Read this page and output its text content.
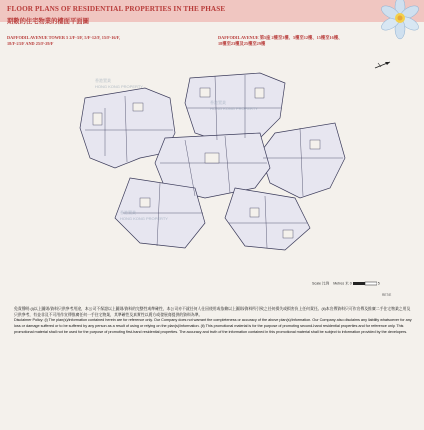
FLOOR PLANS OF RESIDENTIAL PROPERTIES IN THE PHASE
期數的住宅物業的樓面平面圖
DAFFODIL AVENUE TOWER 5 2/F-3/F, 5/F-12/F, 15/F-16/F,
18/F-23/F AND 25/F-29/F
DAFFODIL AVENUE 第5座 2樓至3樓、5樓至12樓、15樓至16樓、
18樓至23樓及25樓至29樓
香港置業
HONG KONG PROPERTY
香港置業
HONG KONG PROPERTY
香港置業
HONG KONG PROPERTY
Scale 比例 Metres 米 0	5
RE7/E

免責聲明:(i)以上圖則/資料只供參考用途，本公司不保證以上圖則/資料的完整性或準確性，本公司亦不就任何人仕因使用或依賴以上圖則/資料所引致之任何損失或損害負上任何責任。(ii)本宣傳資料只可作宣傳及推廣二手住宅物業之用及只供參考，有並非及不可用作宣傳推廣任何一手住宅物業，其準確性及真實性以賣方或發展商提供的資料為準。

Disclaimer Policy: (i) The plan(s)/information contained herein are for reference only. Our Company does not warrant the completeness or accuracy of the above plan(s)/information. Our Company also disclaims any liability whatsoever for any loss or damage suffered or to be suffered by any person as a result of using or relying on the plan(s)/information. (ii) This promotional material is for the purpose of promoting second-hand residential properties and for reference only. This promotional material shall not be used for the purpose of promoting first-hand residential properties. The accuracy and truth of the information contained in this promotional material shall be subject to information provided by the developers.
